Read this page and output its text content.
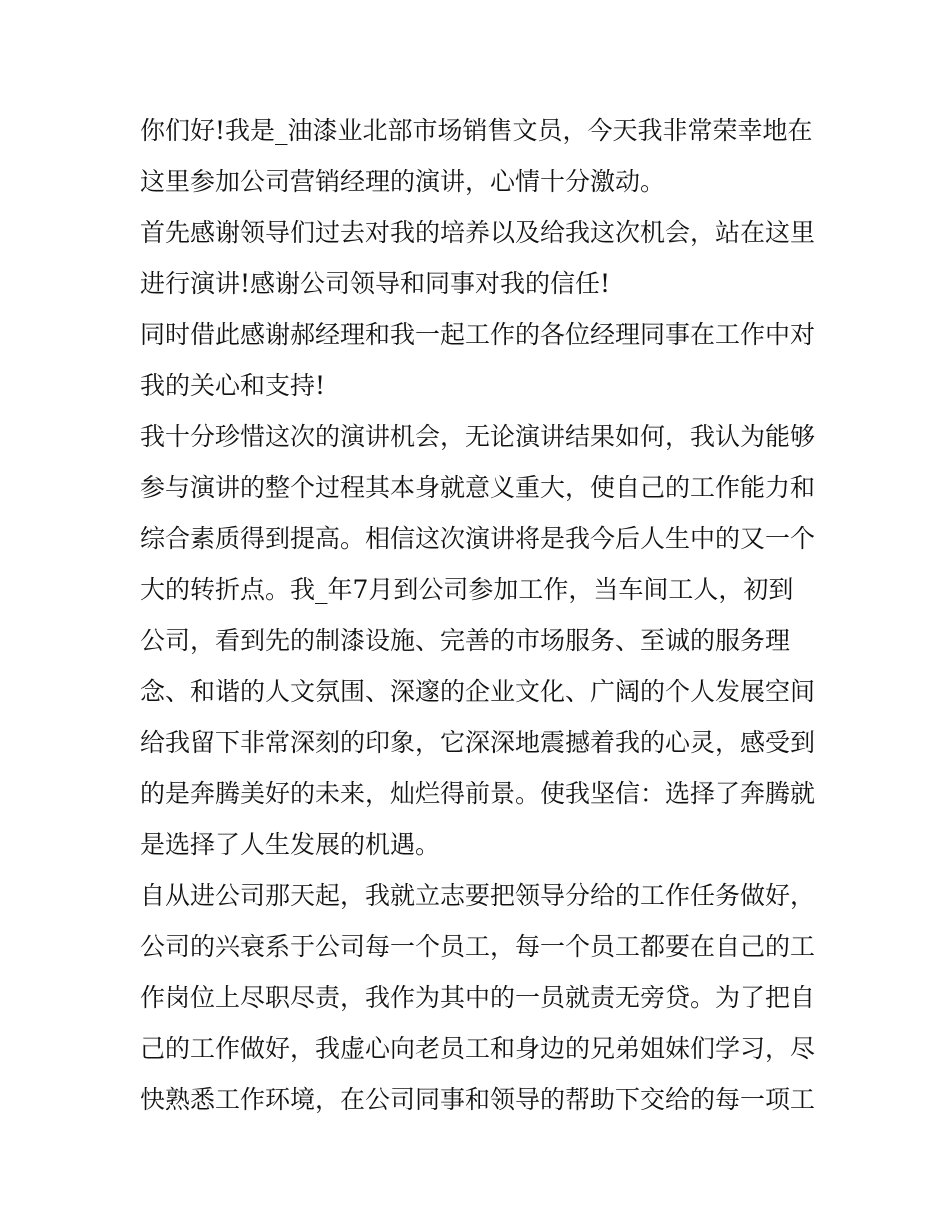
你们好!我是_油漆业北部市场销售文员，今天我非常荣幸地在
这里参加公司营销经理的演讲，心情十分激动。
首先感谢领导们过去对我的培养以及给我这次机会，站在这里
进行演讲!感谢公司领导和同事对我的信任!
同时借此感谢郝经理和我一起工作的各位经理同事在工作中对
我的关心和支持!
我十分珍惜这次的演讲机会，无论演讲结果如何，我认为能够
参与演讲的整个过程其本身就意义重大，使自己的工作能力和
综合素质得到提高。相信这次演讲将是我今后人生中的又一个
大的转折点。我_年7月到公司参加工作，当车间工人，初到
公司，看到先的制漆设施、完善的市场服务、至诚的服务理
念、和谐的人文氛围、深邃的企业文化、广阔的个人发展空间
给我留下非常深刻的印象，它深深地震撼着我的心灵，感受到
的是奔腾美好的未来，灿烂得前景。使我坚信：选择了奔腾就
是选择了人生发展的机遇。
自从进公司那天起，我就立志要把领导分给的工作任务做好，
公司的兴衰系于公司每一个员工，每一个员工都要在自己的工
作岗位上尽职尽责，我作为其中的一员就责无旁贷。为了把自
己的工作做好，我虚心向老员工和身边的兄弟姐妹们学习，尽
快熟悉工作环境，在公司同事和领导的帮助下交给的每一项工
